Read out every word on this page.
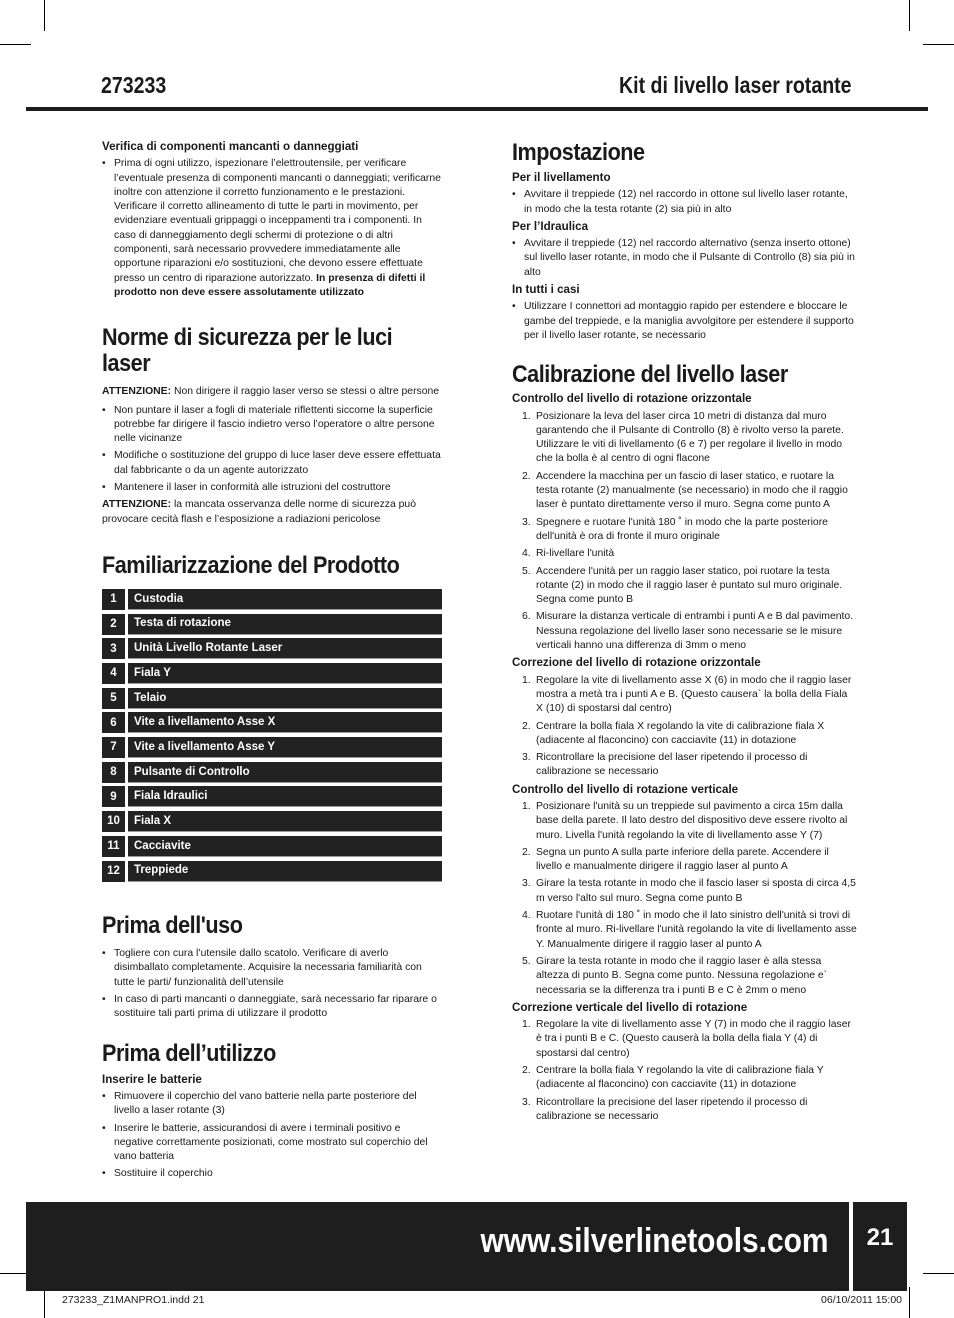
273233	Kit di livello laser rotante
Verifica di componenti mancanti o danneggiati
• Prima di ogni utilizzo, ispezionare l’elettroutensile, per verificare l’eventuale presenza di componenti mancanti o danneggiati; verificarne inoltre con attenzione il corretto funzionamento e le prestazioni. Verificare il corretto allineamento di tutte le parti in movimento, per evidenziare eventuali grippaggi o inceppamenti tra i componenti. In caso di danneggiamento degli schermi di protezione o di altri componenti, sarà necessario provvedere immediatamente alle opportune riparazioni e/o sostituzioni, che devono essere effettuate presso un centro di riparazione autorizzato. In presenza di difetti il prodotto non deve essere assolutamente utilizzato
Norme di sicurezza per le luci laser

ATTENZIONE: Non dirigere il raggio laser verso se stessi o altre persone

• Non puntare il laser a fogli di materiale riflettenti siccome la superficie potrebbe far dirigere il fascio indietro verso l’operatore o altre persone nelle vicinanze
• Modifiche o sostituzione del gruppo di luce laser deve essere effettuata dal fabbricante o da un agente autorizzato
• Mantenere il laser in conformità alle istruzioni del costruttore

ATTENZIONE: la mancata osservanza delle norme di sicurezza può provocare cecità flash e l’esposizione a radiazioni pericolose

Familiarizzazione del Prodotto
1	Custodia
2	Testa di rotazione
3	Unità Livello Rotante Laser
4	Fiala Y
5	Telaio
6	Vite a livellamento Asse X
7	Vite a livellamento Asse Y
8	Pulsante di Controllo
9	Fiala Idraulici
10	Fiala X
11	Cacciavite
12	Treppiede
Prima dell'uso
• Togliere con cura l’utensile dallo scatolo. Verificare di averlo disimballato completamente. Acquisire la necessaria familiarità con tutte le parti/ funzionalità dell’utensile
• In caso di parti mancanti o danneggiate, sarà necessario far riparare o sostituire tali parti prima di utilizzare il prodotto
Prima dell’utilizzo
Inserire le batterie
• Rimuovere il coperchio del vano batterie nella parte posteriore del livello a laser rotante (3)
• Inserire le batterie, assicurandosi di avere i terminali positivo e negative correttamente posizionati, come mostrato sul coperchio del vano batteria
• Sostituire il coperchio
Impostazione
Per il livellamento
• Avvitare il treppiede (12) nel raccordo in ottone sul livello laser rotante, in modo che la testa rotante (2) sia più in alto
Per l’Idraulica
• Avvitare il treppiede (12) nel raccordo alternativo (senza inserto ottone) sul livello laser rotante, in modo che il Pulsante di Controllo (8) sia più in alto
In tutti i casi
• Utilizzare I connettori ad montaggio rapido per estendere e bloccare le gambe del treppiede, e la maniglia avvolgitore per estendere il supporto per il livello laser rotante, se necessario
Calibrazione del livello laser
Controllo del livello di rotazione orizzontale
1. Posizionare la leva del laser circa 10 metri di distanza dal muro garantendo che il Pulsante di Controllo (8) è rivolto verso la parete. Utilizzare le viti di livellamento (6 e 7) per regolare il livello in modo che la bolla è al centro di ogni flacone
2. Accendere la macchina per un fascio di laser statico, e ruotare la testa rotante (2) manualmente (se necessario) in modo che il raggio laser è puntato direttamente verso il muro. Segna come punto A
3. Spegnere e ruotare l'unità 180 ˚ in modo che la parte posteriore dell'unità è ora di fronte il muro originale
4. Ri-livellare l'unità
5. Accendere l'unità per un raggio laser statico, poi ruotare la testa rotante (2) in modo che il raggio laser è puntato sul muro originale. Segna come punto B
6. Misurare la distanza verticale di entrambi i punti A e B dal pavimento. Nessuna regolazione del livello laser sono necessarie se le misure verticali hanno una differenza di 3mm o meno
Correzione del livello di rotazione orizzontale
1. Regolare la vite di livellamento asse X (6) in modo che il raggio laser mostra a metà tra i punti A e B. (Questo causera` la bolla della Fiala X (10) di spostarsi dal centro)
2. Centrare la bolla fiala X regolando la vite di calibrazione fiala X (adiacente al flaconcino) con cacciavite (11) in dotazione
3. Ricontrollare la precisione del laser ripetendo il processo di calibrazione se necessario
Controllo del livello di rotazione verticale
1. Posizionare l'unità su un treppiede sul pavimento a circa 15m dalla base della parete. Il lato destro del dispositivo deve essere rivolto al muro. Livella l'unità regolando la vite di livellamento asse Y (7)
2. Segna un punto A sulla parte inferiore della parete. Accendere il livello e manualmente dirigere il raggio laser al punto A
3. Girare la testa rotante in modo che il fascio laser si sposta di circa 4,5 m verso l'alto sul muro. Segna come punto B
4. Ruotare l'unità di 180 ˚ in modo che il lato sinistro dell'unità si trovi di fronte al muro. Ri-livellare l'unità regolando la vite di livellamento asse Y. Manualmente dirigere il raggio laser al punto A
5. Girare la testa rotante in modo che il raggio laser è alla stessa altezza di punto B. Segna come punto. Nessuna regolazione e` necessaria se la differenza tra i punti B e C è 2mm o meno
Correzione verticale del livello di rotazione
1. Regolare la vite di livellamento asse Y (7) in modo che il raggio laser è tra i punti B e C. (Questo causerà la bolla della fiala Y (4) di spostarsi dal centro)
2. Centrare la bolla fiala Y regolando la vite di calibrazione fiala Y (adiacente al flaconcino) con cacciavite (11) in dotazione
3. Ricontrollare la precisione del laser ripetendo il processo di calibrazione se necessario
www.silverlinetools.com	21
273233_Z1MANPRO1.indd 21	06/10/2011 15:00
